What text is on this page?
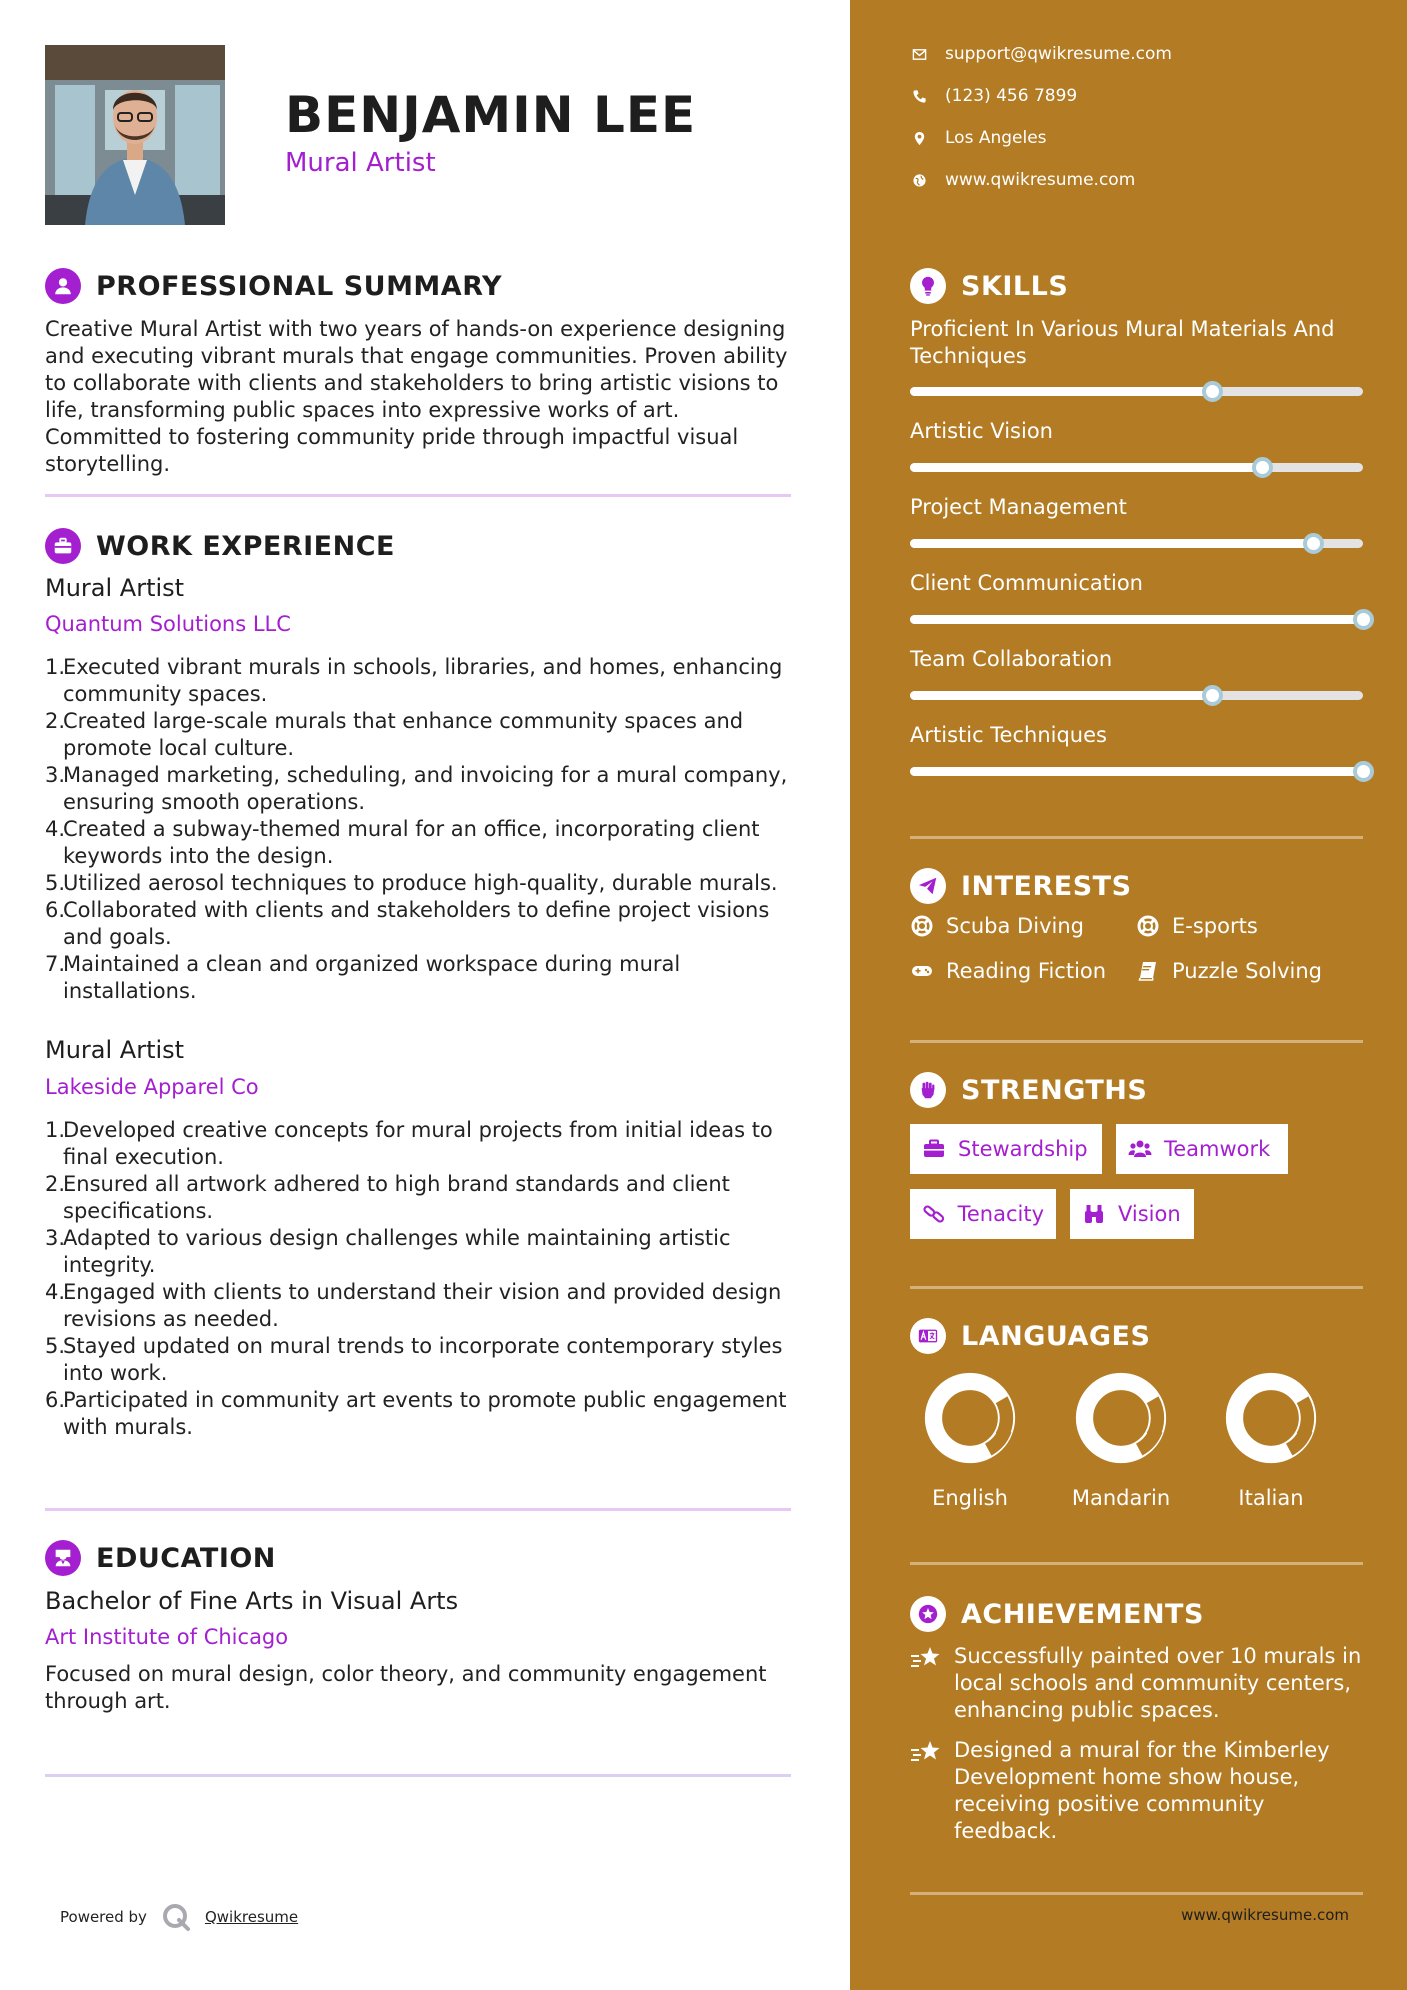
BENJAMIN LEE
Mural Artist
PROFESSIONAL SUMMARY
Creative Mural Artist with two years of hands-on experience designing and executing vibrant murals that engage communities. Proven ability to collaborate with clients and stakeholders to bring artistic visions to life, transforming public spaces into expressive works of art. Committed to fostering community pride through impactful visual storytelling.
WORK EXPERIENCE
Mural Artist
Quantum Solutions LLC
Executed vibrant murals in schools, libraries, and homes, enhancing community spaces.
Created large-scale murals that enhance community spaces and promote local culture.
Managed marketing, scheduling, and invoicing for a mural company, ensuring smooth operations.
Created a subway-themed mural for an office, incorporating client keywords into the design.
Utilized aerosol techniques to produce high-quality, durable murals.
Collaborated with clients and stakeholders to define project visions and goals.
Maintained a clean and organized workspace during mural installations.
Mural Artist
Lakeside Apparel Co
Developed creative concepts for mural projects from initial ideas to final execution.
Ensured all artwork adhered to high brand standards and client specifications.
Adapted to various design challenges while maintaining artistic integrity.
Engaged with clients to understand their vision and provided design revisions as needed.
Stayed updated on mural trends to incorporate contemporary styles into work.
Participated in community art events to promote public engagement with murals.
EDUCATION
Bachelor of Fine Arts in Visual Arts
Art Institute of Chicago
Focused on mural design, color theory, and community engagement through art.
Powered by	Qwikresume
support@qwikresume.com
(123) 456 7899
Los Angeles
www.qwikresume.com
SKILLS
Proficient In Various Mural Materials And Techniques
Artistic Vision
Project Management
Client Communication
Team Collaboration
Artistic Techniques
INTERESTS
Scuba Diving	E-sports
Reading Fiction	Puzzle Solving
STRENGTHS
Stewardship	Teamwork
Tenacity	Vision
LANGUAGES
English	Mandarin	Italian
ACHIEVEMENTS
Successfully painted over 10 murals in local schools and community centers, enhancing public spaces.
Designed a mural for the Kimberley Development home show house, receiving positive community feedback.
www.qwikresume.com
